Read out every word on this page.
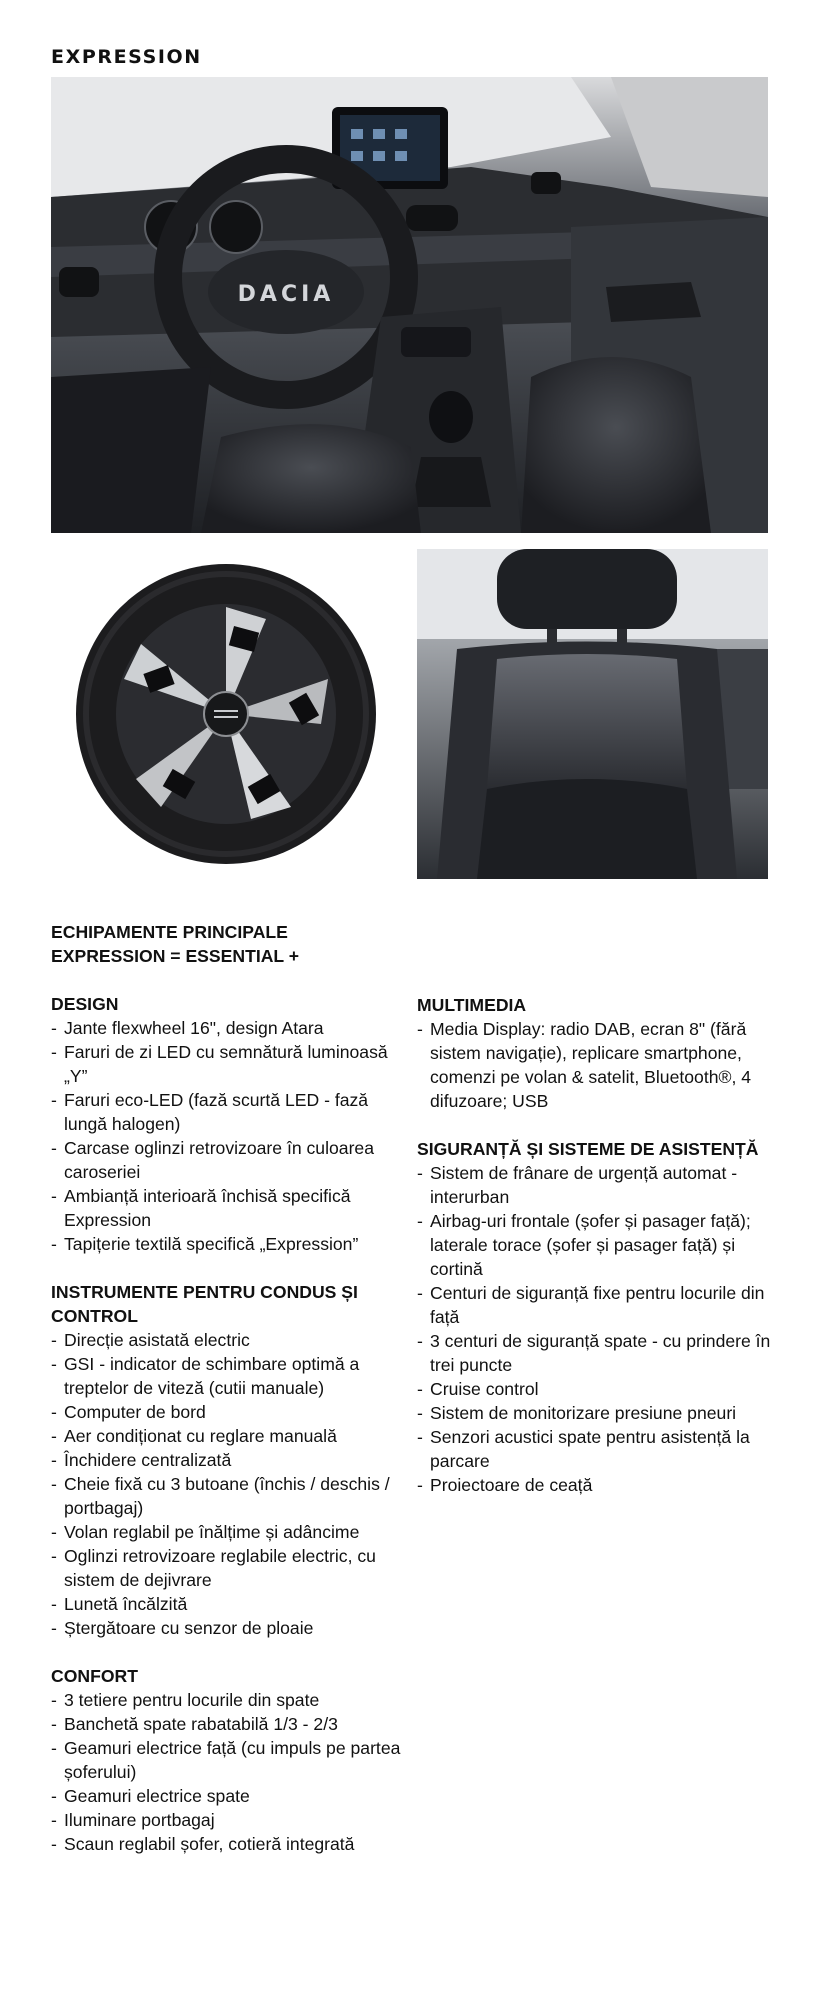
EXPRESSION
DACIA
ECHIPAMENTE PRINCIPALE
EXPRESSION = ESSENTIAL +
DESIGN
- Jante flexwheel 16", design Atara
- Faruri de zi LED cu semnătură luminoasă „Y”
- Faruri eco-LED (fază scurtă LED - fază lungă halogen)
- Carcase oglinzi retrovizoare în culoarea caroseriei
- Ambianță interioară închisă specifică Expression
- Tapițerie textilă specifică „Expression”
INSTRUMENTE PENTRU CONDUS ȘI CONTROL
- Direcție asistată electric
- GSI - indicator de schimbare optimă a treptelor de viteză (cutii manuale)
- Computer de bord
- Aer condiționat cu reglare manuală
- Închidere centralizată
- Cheie fixă cu 3 butoane (închis / deschis / portbagaj)
- Volan reglabil pe înălțime și adâncime
- Oglinzi retrovizoare reglabile electric, cu sistem de dejivrare
- Lunetă încălzită
- Ștergătoare cu senzor de ploaie
CONFORT
- 3 tetiere pentru locurile din spate
- Banchetă spate rabatabilă 1/3 - 2/3
- Geamuri electrice față (cu impuls pe partea șoferului)
- Geamuri electrice spate
- Iluminare portbagaj
- Scaun reglabil șofer, cotieră integrată
MULTIMEDIA
- Media Display: radio DAB, ecran 8" (fără sistem navigație), replicare smartphone, comenzi pe volan & satelit, Bluetooth®, 4 difuzoare; USB
SIGURANȚĂ ȘI SISTEME DE ASISTENȚĂ
- Sistem de frânare de urgență automat - interurban
- Airbag-uri frontale (șofer și pasager față); laterale torace (șofer și pasager față) și cortină
- Centuri de siguranță fixe pentru locurile din față
- 3 centuri de siguranță spate - cu prindere în trei puncte
- Cruise control
- Sistem de monitorizare presiune pneuri
- Senzori acustici spate pentru asistență la parcare
- Proiectoare de ceață
